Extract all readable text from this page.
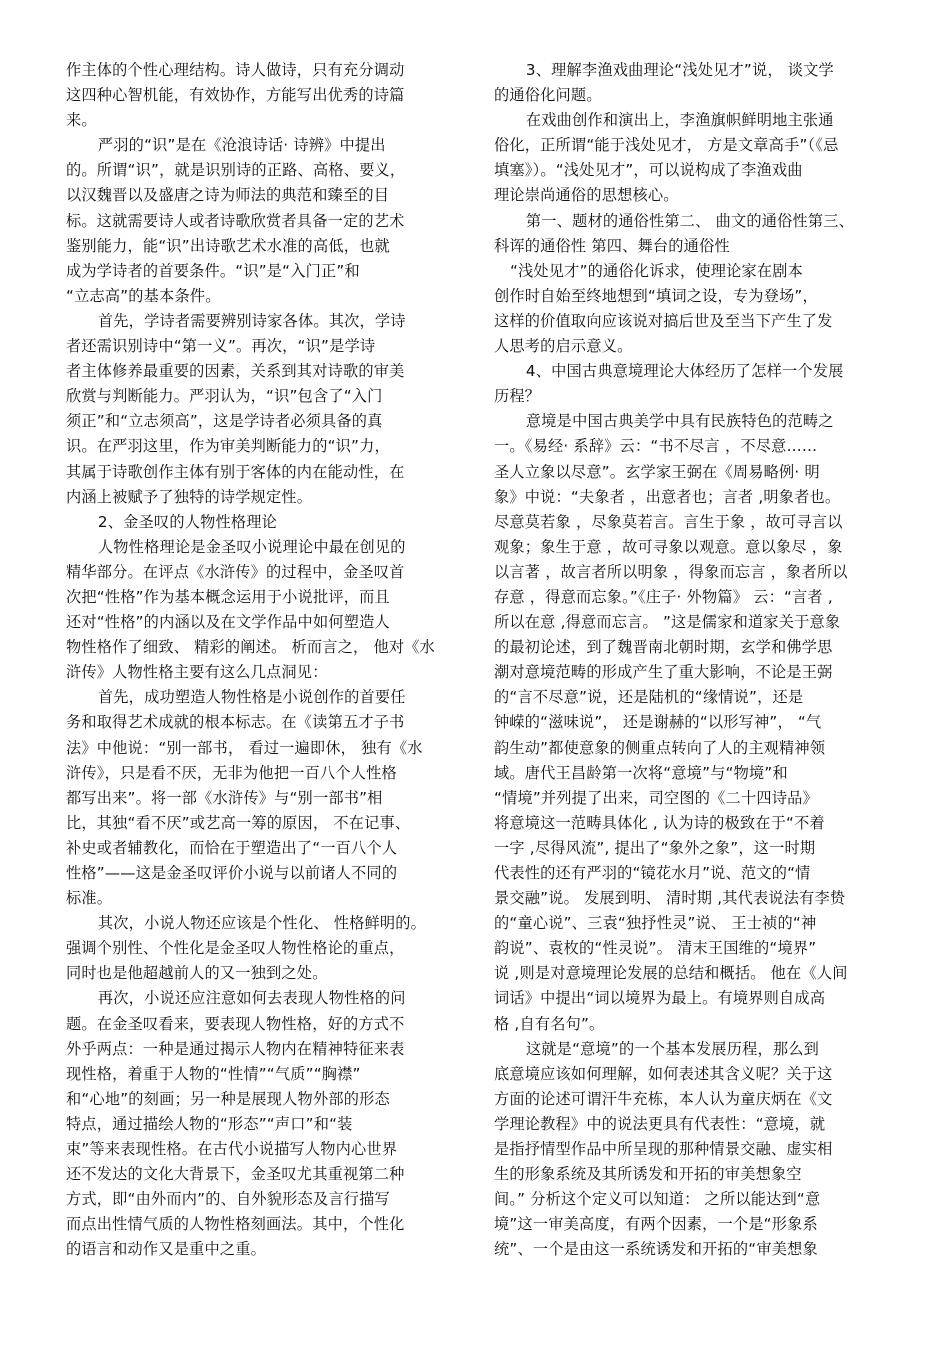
作主体的个性心理结构。诗人做诗，只有充分调动
这四种心智机能，有效协作，方能写出优秀的诗篇
来。
严羽的“识”是在《沧浪诗话· 诗辨》中提出
的。所谓“识”，就是识别诗的正路、高格、要义，
以汉魏晋以及盛唐之诗为师法的典范和臻至的目
标。这就需要诗人或者诗歌欣赏者具备一定的艺术
鉴别能力，能“识”出诗歌艺术水准的高低，也就
成为学诗者的首要条件。“识”是“入门正”和
“立志高”的基本条件。
首先，学诗者需要辨别诗家各体。其次，学诗
者还需识别诗中“第一义”。再次，“识”是学诗
者主体修养最重要的因素，关系到其对诗歌的审美
欣赏与判断能力。严羽认为，“识”包含了“入门
须正”和“立志须高”，这是学诗者必须具备的真
识。在严羽这里，作为审美判断能力的“识”力，
其属于诗歌创作主体有别于客体的内在能动性，在
内涵上被赋予了独特的诗学规定性。
2、金圣叹的人物性格理论
人物性格理论是金圣叹小说理论中最在创见的
精华部分。在评点《水浒传》的过程中，金圣叹首
次把“性格”作为基本概念运用于小说批评，而且
还对“性格”的内涵以及在文学作品中如何塑造人
物性格作了细致、 精彩的阐述。 析而言之， 他对《水
浒传》人物性格主要有这么几点洞见：
首先，成功塑造人物性格是小说创作的首要任
务和取得艺术成就的根本标志。在《读第五才子书
法》中他说：“别一部书， 看过一遍即休， 独有《水
浒传》，只是看不厌，无非为他把一百八个人性格
都写出来”。将一部《水浒传》与“别一部书”相
比，其独“看不厌”或艺高一筹的原因， 不在记事、
补史或者辅教化，而恰在于塑造出了“一百八个人
性格”——这是金圣叹评价小说与以前诸人不同的
标准。
其次，小说人物还应该是个性化、 性格鲜明的。
强调个别性、个性化是金圣叹人物性格论的重点，
同时也是他超越前人的又一独到之处。
再次，小说还应注意如何去表现人物性格的问
题。在金圣叹看来，要表现人物性格，好的方式不
外乎两点：一种是通过揭示人物内在精神特征来表
现性格，着重于人物的“性情”“气质”“胸襟”
和“心地”的刻画；另一种是展现人物外部的形态
特点，通过描绘人物的“形态”“声口”和“装
束”等来表现性格。在古代小说描写人物内心世界
还不发达的文化大背景下，金圣叹尤其重视第二种
方式，即“由外而内”的、自外貌形态及言行描写
而点出性情气质的人物性格刻画法。其中，个性化
的语言和动作又是重中之重。
3、理解李渔戏曲理论“浅处见才”说， 谈文学
的通俗化问题。
在戏曲创作和演出上，李渔旗帜鲜明地主张通
俗化，正所谓“能于浅处见才， 方是文章高手”（《忌
填塞》）。“浅处见才”，可以说构成了李渔戏曲
理论崇尚通俗的思想核心。
第一、题材的通俗性第二、 曲文的通俗性第三、
科诨的通俗性 第四、舞台的通俗性
“浅处见才”的通俗化诉求，使理论家在剧本
创作时自始至终地想到“填词之设，专为登场”，
这样的价值取向应该说对搞后世及至当下产生了发
人思考的启示意义。
4、中国古典意境理论大体经历了怎样一个发展
历程？
意境是中国古典美学中具有民族特色的范畴之
一。《易经· 系辞》云：“书不尽言 ，不尽意……
圣人立象以尽意”。玄学家王弼在《周易略例· 明
象》中说：“夫象者 ，出意者也；言者 ,明象者也。
尽意莫若象 ，尽象莫若言。言生于象 ，故可寻言以
观象；象生于意 ，故可寻象以观意。意以象尽 ，象
以言著 ，故言者所以明象 ，得象而忘言 ，象者所以
存意 ，得意而忘象。”《庄子· 外物篇》 云：“言者 ,
所以在意 ,得意而忘言。 ”这是儒家和道家关于意象
的最初论述，到了魏晋南北朝时期，玄学和佛学思
潮对意境范畴的形成产生了重大影响，不论是王弼
的“言不尽意”说，还是陆机的“缘情说”，还是
钟嵘的“滋味说”， 还是谢赫的“以形写神”， “气
韵生动”都使意象的侧重点转向了人的主观精神领
域。唐代王昌龄第一次将“意境”与“物境”和
“情境”并列提了出来，司空图的《二十四诗品》
将意境这一范畴具体化 , 认为诗的极致在于“不着
一字 ,尽得风流”, 提出了“象外之象”，这一时期
代表性的还有严羽的“镜花水月”说、范文的“情
景交融”说。 发展到明、 清时期 ,其代表说法有李贽
的“童心说”、三袁“独抒性灵”说、 王士祯的“神
韵说”、袁枚的“性灵说”。 清末王国维的“境界”
说 ,则是对意境理论发展的总结和概括。 他在《人间
词话》中提出“词以境界为最上。有境界则自成高
格 ,自有名句”。
这就是“意境”的一个基本发展历程，那么到
底意境应该如何理解，如何表述其含义呢？关于这
方面的论述可谓汗牛充栋，本人认为童庆炳在《文
学理论教程》中的说法更具有代表性：“意境，就
是指抒情型作品中所呈现的那种情景交融、虚实相
生的形象系统及其所诱发和开拓的审美想象空
间。” 分析这个定义可以知道： 之所以能达到“意
境”这一审美高度，有两个因素，一个是“形象系
统”、一个是由这一系统诱发和开拓的“审美想象
